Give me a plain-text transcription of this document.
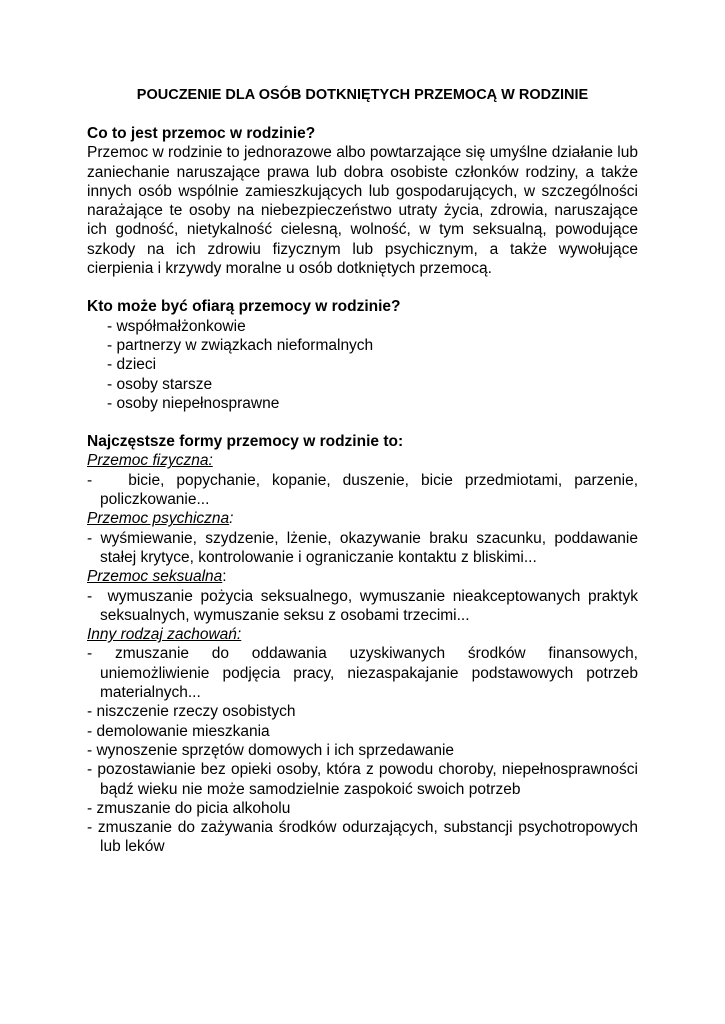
POUCZENIE DLA OSÓB DOTKNIĘTYCH PRZEMOCĄ W RODZINIE
Co to jest przemoc w rodzinie?
Przemoc w rodzinie to jednorazowe albo powtarzające się umyślne działanie lub zaniechanie naruszające prawa lub dobra osobiste członków rodziny, a także innych osób wspólnie zamieszkujących lub gospodarujących, w szczególności narażające te osoby na niebezpieczeństwo utraty życia, zdrowia, naruszające ich godność, nietykalność cielesną, wolność, w tym seksualną, powodujące szkody na ich zdrowiu fizycznym lub psychicznym, a także wywołujące cierpienia i krzywdy moralne u osób dotkniętych przemocą.
Kto może być ofiarą przemocy w rodzinie?
- współmałżonkowie
- partnerzy w związkach nieformalnych
- dzieci
- osoby starsze
- osoby niepełnosprawne
Najczęstsze formy przemocy w rodzinie to:
Przemoc fizyczna:
- bicie, popychanie, kopanie, duszenie, bicie przedmiotami, parzenie, policzkowanie...
Przemoc psychiczna:
- wyśmiewanie, szydzenie, lżenie, okazywanie braku szacunku, poddawanie stałej krytyce, kontrolowanie i ograniczanie kontaktu z bliskimi...
Przemoc seksualna:
- wymuszanie pożycia seksualnego, wymuszanie nieakceptowanych praktyk seksualnych, wymuszanie seksu z osobami trzecimi...
Inny rodzaj zachowań:
- zmuszanie do oddawania uzyskiwanych środków finansowych, uniemożliwienie podjęcia pracy, niezaspakajanie podstawowych potrzeb materialnych...
- niszczenie rzeczy osobistych
- demolowanie mieszkania
- wynoszenie sprzętów domowych i ich sprzedawanie
- pozostawianie bez opieki osoby, która z powodu choroby, niepełnosprawności bądź wieku nie może samodzielnie zaspokoić swoich potrzeb
- zmuszanie do picia alkoholu
- zmuszanie do zażywania środków odurzających, substancji psychotropowych lub leków
